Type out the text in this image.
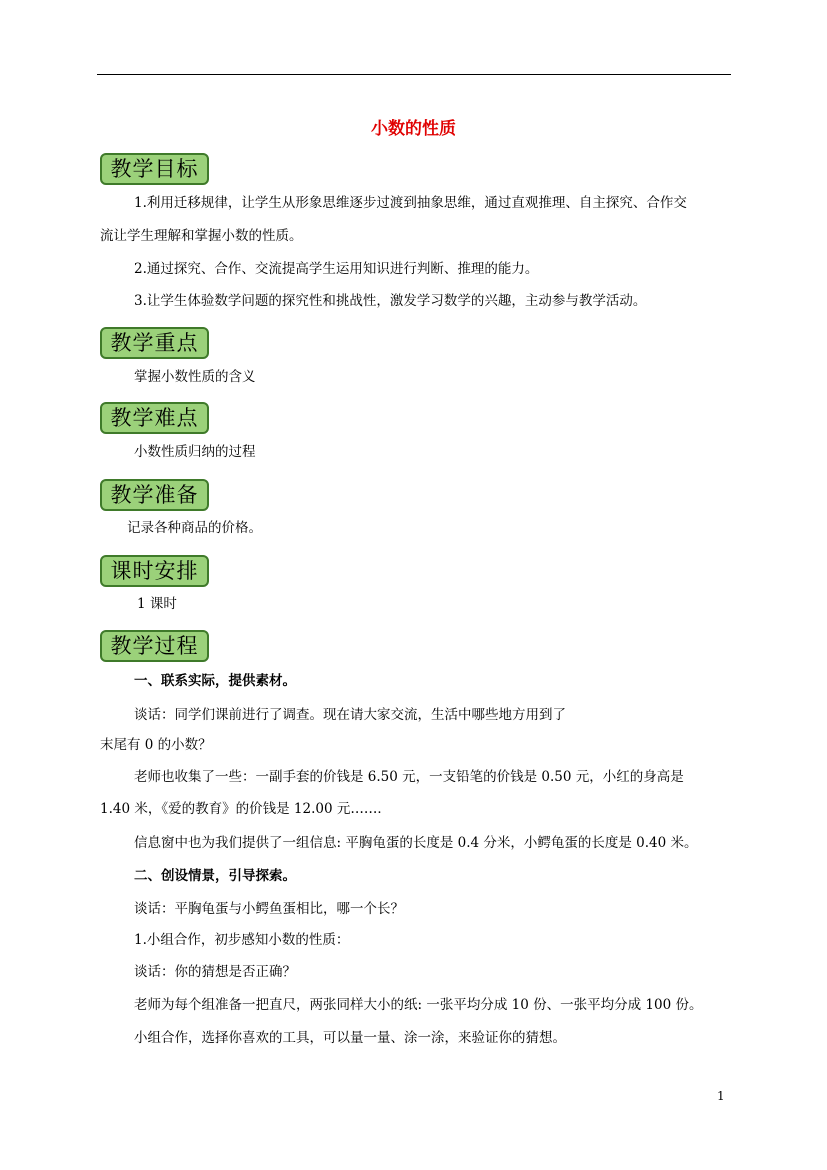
小数的性质
教学目标
1.利用迁移规律，让学生从形象思维逐步过渡到抽象思维，通过直观推理、自主探究、合作交
流让学生理解和掌握小数的性质。
2.通过探究、合作、交流提高学生运用知识进行判断、推理的能力。
3.让学生体验数学问题的探究性和挑战性，激发学习数学的兴趣，主动参与教学活动。
教学重点
掌握小数性质的含义
教学难点
小数性质归纳的过程
教学准备
记录各种商品的价格。
课时安排
1 课时
教学过程
一、联系实际，提供素材。
谈话：同学们课前进行了调查。现在请大家交流，生活中哪些地方用到了
末尾有 0 的小数？
老师也收集了一些：一副手套的价钱是 6.50 元，一支铅笔的价钱是 0.50 元，小红的身高是
1.40 米，《爱的教育》的价钱是 12.00 元……．
信息窗中也为我们提供了一组信息: 平胸龟蛋的长度是 0.4 分米，小鳄龟蛋的长度是 0.40 米。
二、创设情景，引导探索。
谈话：平胸龟蛋与小鳄鱼蛋相比，哪一个长？
1.小组合作，初步感知小数的性质：
谈话：你的猜想是否正确？
老师为每个组准备一把直尺，两张同样大小的纸: 一张平均分成 10 份、一张平均分成 100 份。
小组合作，选择你喜欢的工具，可以量一量、涂一涂，来验证你的猜想。
1
